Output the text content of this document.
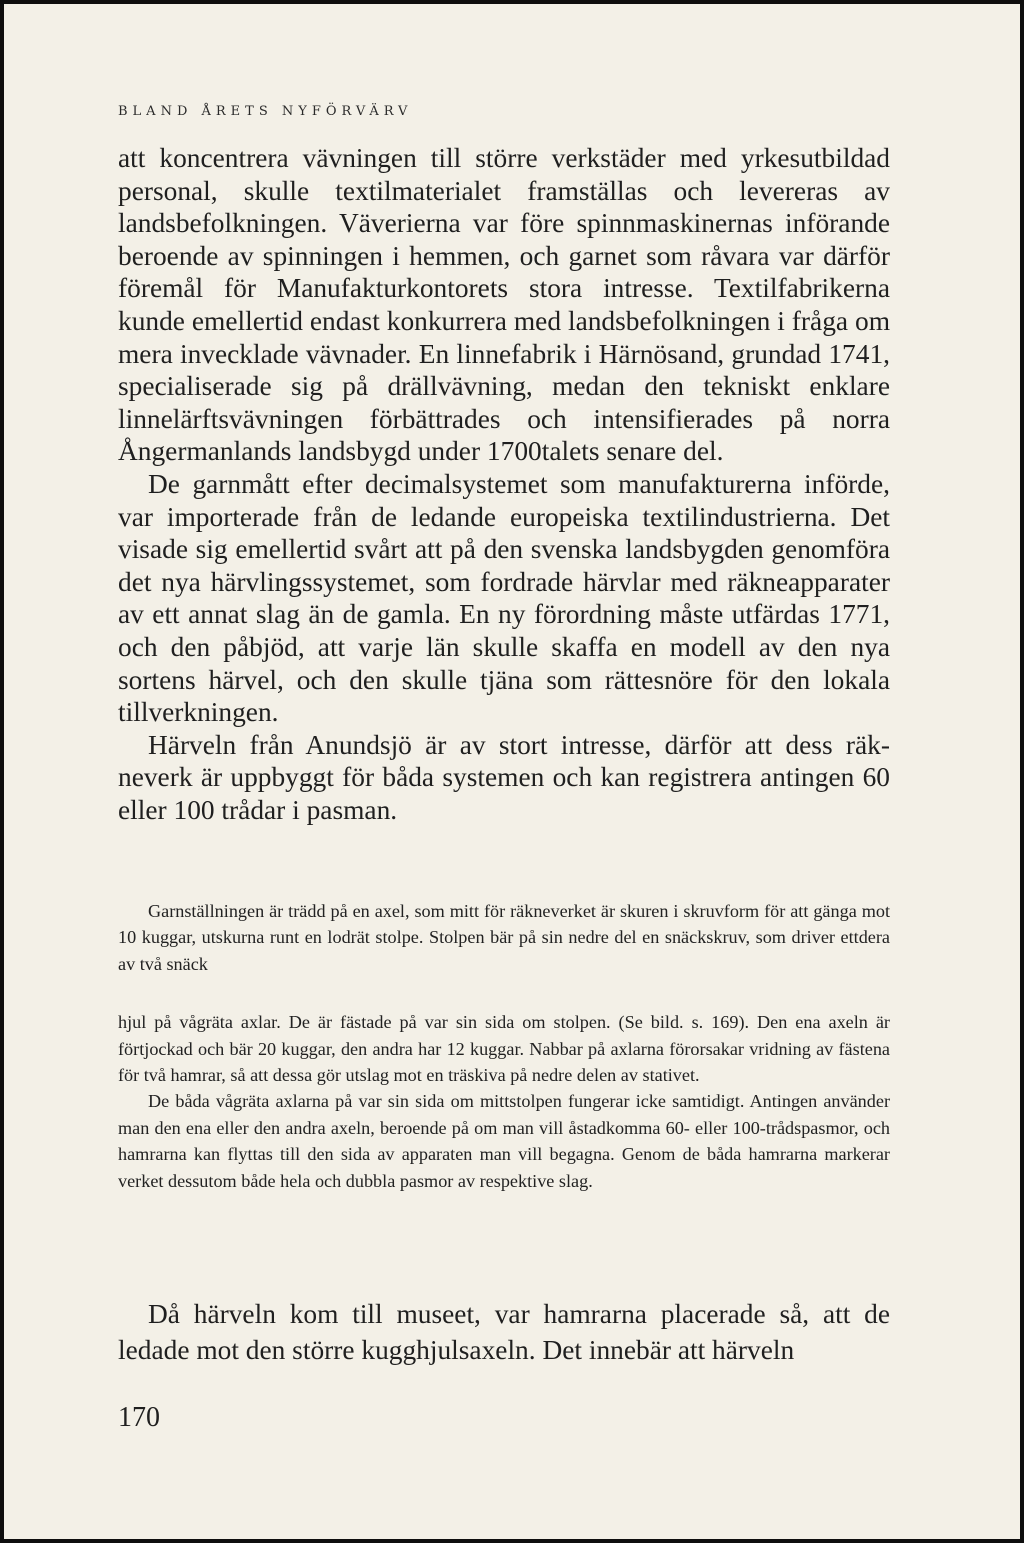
BLAND ÅRETS NYFÖRVÄRV

att koncentrera vävningen till större verkstäder med yrkesutbildad personal, skulle textilmaterialet framställas och levereras av landsbefolkningen. Väverierna var före spinnmaskinernas införande beroende av spinningen i hemmen, och garnet som råvara var därför föremål för Manufakturkontorets stora intresse. Textilfabrikerna kunde emellertid endast konkurrera med landsbefolkningen i fråga om mera invecklade vävnader. En linnefabrik i Härnösand, grundad 1741, specialiserade sig på drällvävning, medan den tekniskt enklare linnelärftsvävningen förbättrades och intensifierades på norra Ångermanlands landsbygd under 1700talets senare del.

De garnmått efter decimalsystemet som manufakturerna införde, var importerade från de ledande europeiska textilindustrierna. Det visade sig emellertid svårt att på den svenska landsbygden genomföra det nya härvlingssystemet, som fordrade härvlar med räkneapparater av ett annat slag än de gamla. En ny förordning måste utfärdas 1771, och den påbjöd, att varje län skulle skaffa en modell av den nya sortens härvel, och den skulle tjäna som rättesnöre för den lokala tillverkningen.

Härveln från Anundsjö är av stort intresse, därför att dess räkneverk är uppbyggt för båda systemen och kan registrera antingen 60 eller 100 trådar i pasman.

Garnställningen är trädd på en axel, som mitt för räkneverket är skuren i skruvform för att gänga mot 10 kuggar, utskurna runt en lodrät stolpe. Stolpen bär på sin nedre del en snäckskruv, som driver ettdera av två snäck

hjul på vågräta axlar. De är fästade på var sin sida om stolpen. (Se bild. s. 169). Den ena axeln är förtjockad och bär 20 kuggar, den andra har 12 kuggar. Nabbar på axlarna förorsakar vridning av fästena för två hamrar, så att dessa gör utslag mot en träskiva på nedre delen av stativet.

De båda vågräta axlarna på var sin sida om mittstolpen fungerar icke samtidigt. Antingen använder man den ena eller den andra axeln, beroende på om man vill åstadkomma 60- eller 100-trådspasmor, och hamrarna kan flyttas till den sida av apparaten man vill begagna. Genom de båda hamrarna markerar verket dessutom både hela och dubbla pasmor av respektive slag.

Då härveln kom till museet, var hamrarna placerade så, att de ledade mot den större kugghjulsaxeln. Det innebär att härveln

170
